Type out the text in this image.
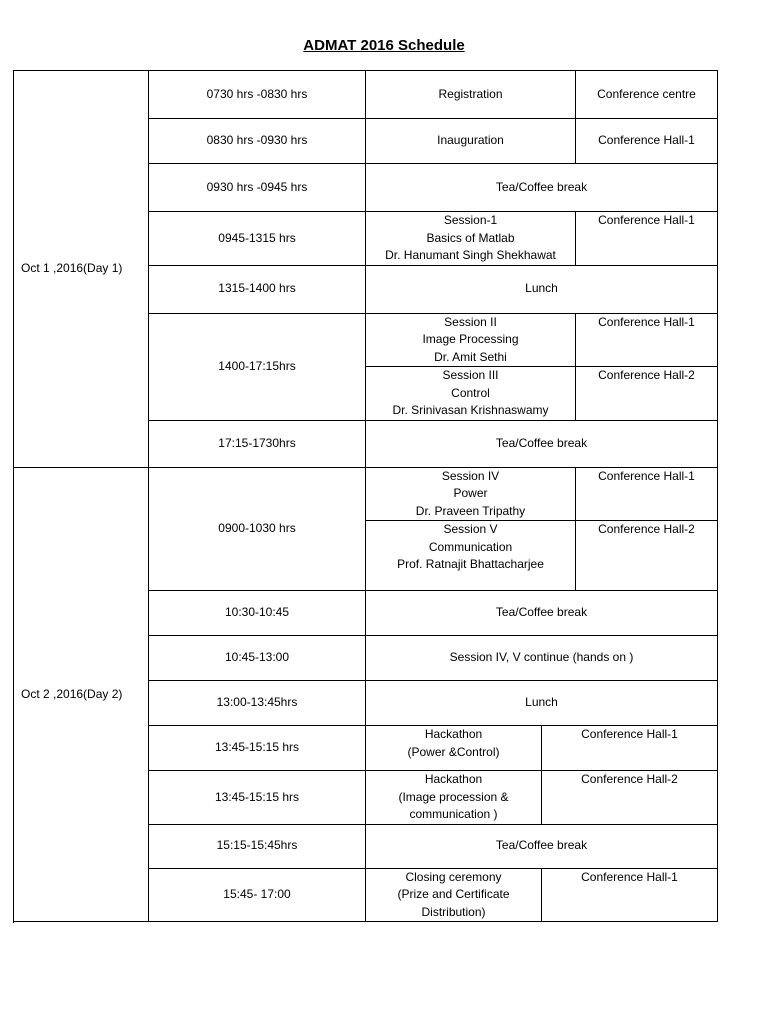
ADMAT 2016 Schedule
Oct 1 ,2016(Day 1)	0730 hrs -0830 hrs	Registration		Conference centre
	0830 hrs -0930 hrs	Inauguration		Conference Hall-1
	0930 hrs -0945 hrs	Tea/Coffee break		
	0945-1315 hrs	Session-1
Basics of Matlab
Dr. Hanumant Singh Shekhawat		Conference Hall-1
	1315-1400 hrs	Lunch		
	1400-17:15hrs	Session II
Image Processing
Dr. Amit Sethi		Conference Hall-1

		Session III
Control
Dr. Srinivasan Krishnaswamy		Conference Hall-2
	17:15-1730hrs	Tea/Coffee break		

Oct 2 ,2016(Day 2)	0900-1030 hrs	Session IV
Power
Dr. Praveen Tripathy		Conference Hall-1

		Session V
Communication
Prof. Ratnajit Bhattacharjee		Conference Hall-2
	10:30-10:45	Tea/Coffee break		
	10:45-13:00	Session IV, V continue (hands on )		
	13:00-13:45hrs	Lunch		
	13:45-15:15 hrs	Hackathon
(Power &Control)	Conference Hall-1	
	13:45-15:15 hrs	Hackathon
(Image procession &
communication )	Conference Hall-2	
	15:15-15:45hrs	Tea/Coffee break		
	15:45- 17:00	Closing ceremony
(Prize and Certificate
Distribution)	Conference Hall-1	
